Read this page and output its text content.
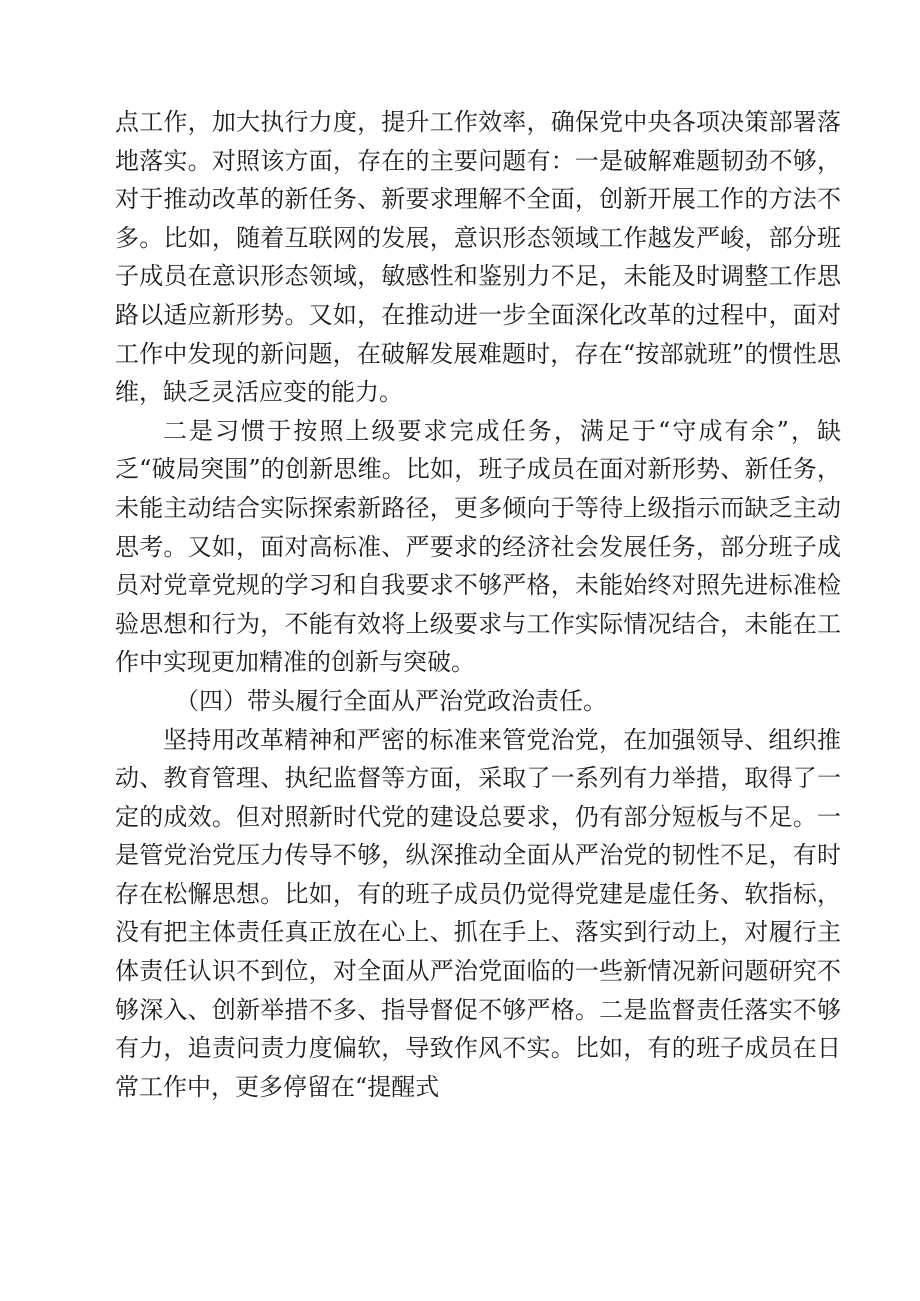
点工作，加大执行力度，提升工作效率，确保党中央各项决策部署落地落实。对照该方面，存在的主要问题有：一是破解难题韧劲不够，对于推动改革的新任务、新要求理解不全面，创新开展工作的方法不多。比如，随着互联网的发展，意识形态领域工作越发严峻，部分班子成员在意识形态领域，敏感性和鉴别力不足，未能及时调整工作思路以适应新形势。又如，在推动进一步全面深化改革的过程中，面对工作中发现的新问题，在破解发展难题时，存在“按部就班”的惯性思维，缺乏灵活应变的能力。

二是习惯于按照上级要求完成任务，满足于“守成有余”，缺乏“破局突围”的创新思维。比如，班子成员在面对新形势、新任务，未能主动结合实际探索新路径，更多倾向于等待上级指示而缺乏主动思考。又如，面对高标准、严要求的经济社会发展任务，部分班子成员对党章党规的学习和自我要求不够严格，未能始终对照先进标准检验思想和行为，不能有效将上级要求与工作实际情况结合，未能在工作中实现更加精准的创新与突破。

（四）带头履行全面从严治党政治责任。

坚持用改革精神和严密的标准来管党治党，在加强领导、组织推动、教育管理、执纪监督等方面，采取了一系列有力举措，取得了一定的成效。但对照新时代党的建设总要求，仍有部分短板与不足。一是管党治党压力传导不够，纵深推动全面从严治党的韧性不足，有时存在松懈思想。比如，有的班子成员仍觉得党建是虚任务、软指标，没有把主体责任真正放在心上、抓在手上、落实到行动上，对履行主体责任认识不到位，对全面从严治党面临的一些新情况新问题研究不够深入、创新举措不多、指导督促不够严格。二是监督责任落实不够有力，追责问责力度偏软，导致作风不实。比如，有的班子成员在日常工作中，更多停留在“提醒式
